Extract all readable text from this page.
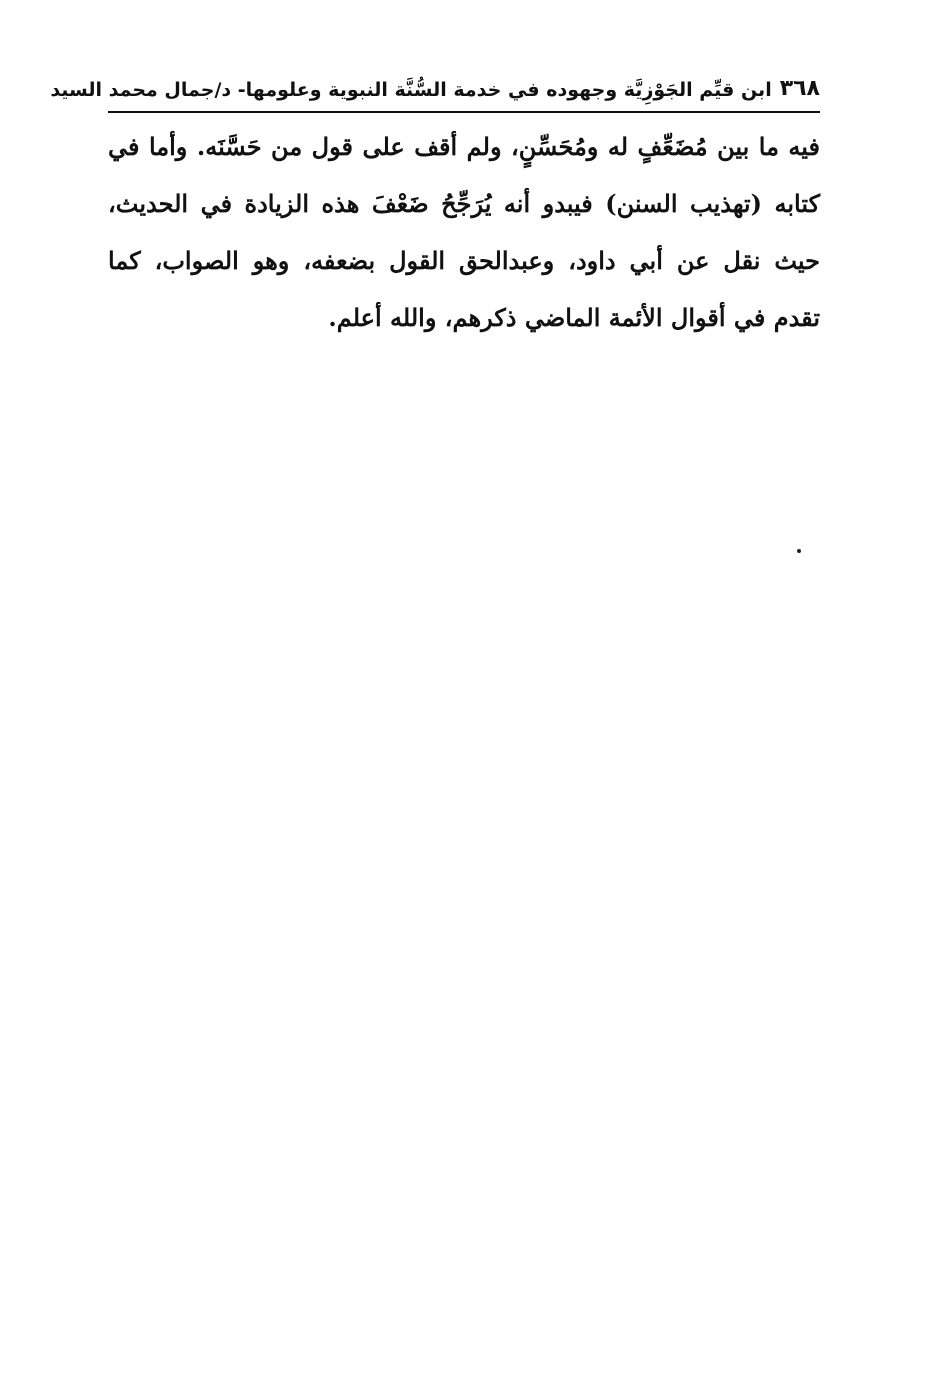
٣٦٨
ابن قيِّم الجَوْزِيَّة وجهوده في خدمة السُّنَّة النبوية وعلومها- د/جمال محمد السيد
فيه ما بين مُضَعِّفٍ له ومُحَسِّنٍ، ولم أقف على قول من حَسَّنَه. وأما في
كتابه (تهذيب السنن) فيبدو أنه يُرَجِّحُ ضَعْفَ هذه الزيادة في الحديث،
حيث نقل عن أبي داود، وعبدالحق القول بضعفه، وهو الصواب، كما
تقدم في أقوال الأئمة الماضي ذكرهم، والله أعلم.
